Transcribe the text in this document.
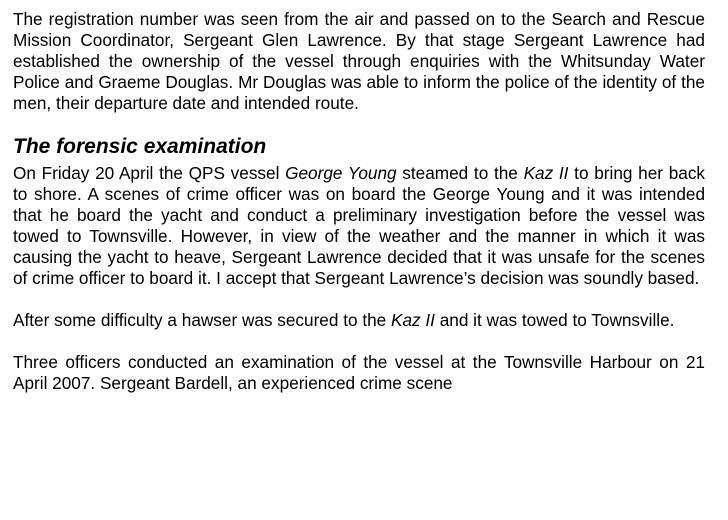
The registration number was seen from the air and passed on to the Search and Rescue Mission Coordinator, Sergeant Glen Lawrence. By that stage Sergeant Lawrence had established the ownership of the vessel through enquiries with the Whitsunday Water Police and Graeme Douglas. Mr Douglas was able to inform the police of the identity of the men, their departure date and intended route.

The forensic examination

On Friday 20 April the QPS vessel George Young steamed to the Kaz II to bring her back to shore. A scenes of crime officer was on board the George Young and it was intended that he board the yacht and conduct a preliminary investigation before the vessel was towed to Townsville. However, in view of the weather and the manner in which it was causing the yacht to heave, Sergeant Lawrence decided that it was unsafe for the scenes of crime officer to board it. I accept that Sergeant Lawrence’s decision was soundly based.

After some difficulty a hawser was secured to the Kaz II and it was towed to Townsville.

Three officers conducted an examination of the vessel at the Townsville Harbour on 21 April 2007. Sergeant Bardell, an experienced crime scene
